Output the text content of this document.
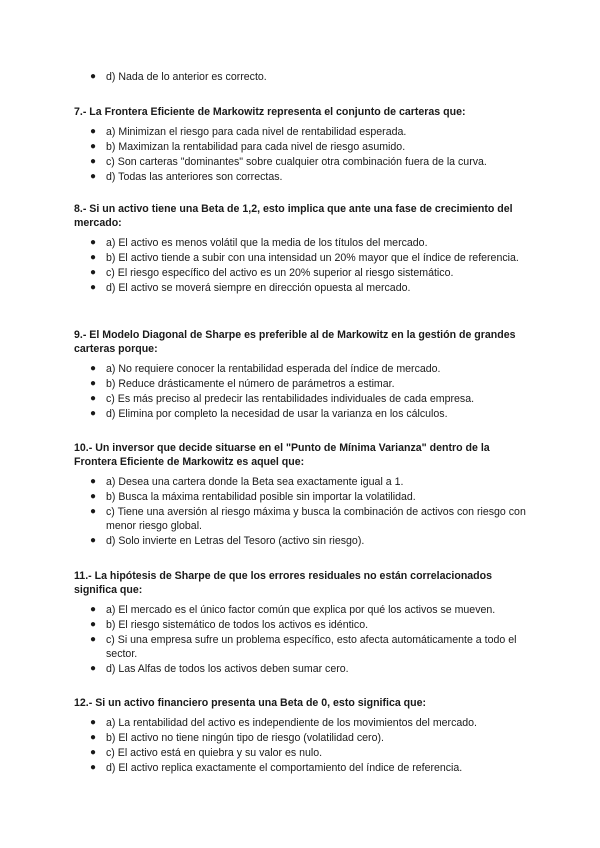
● d) Nada de lo anterior es correcto.
7.- La Frontera Eficiente de Markowitz representa el conjunto de carteras que:
● a) Minimizan el riesgo para cada nivel de rentabilidad esperada.
● b) Maximizan la rentabilidad para cada nivel de riesgo asumido.
● c) Son carteras "dominantes" sobre cualquier otra combinación fuera de la curva.
● d) Todas las anteriores son correctas.
8.- Si un activo tiene una Beta de 1,2, esto implica que ante una fase de crecimiento del mercado:
● a) El activo es menos volátil que la media de los títulos del mercado.
● b) El activo tiende a subir con una intensidad un 20% mayor que el índice de referencia.
● c) El riesgo específico del activo es un 20% superior al riesgo sistemático.
● d) El activo se moverá siempre en dirección opuesta al mercado.
9.- El Modelo Diagonal de Sharpe es preferible al de Markowitz en la gestión de grandes carteras porque:
● a) No requiere conocer la rentabilidad esperada del índice de mercado.
● b) Reduce drásticamente el número de parámetros a estimar.
● c) Es más preciso al predecir las rentabilidades individuales de cada empresa.
● d) Elimina por completo la necesidad de usar la varianza en los cálculos.
10.- Un inversor que decide situarse en el "Punto de Mínima Varianza" dentro de la Frontera Eficiente de Markowitz es aquel que:
● a) Desea una cartera donde la Beta sea exactamente igual a 1.
● b) Busca la máxima rentabilidad posible sin importar la volatilidad.
● c) Tiene una aversión al riesgo máxima y busca la combinación de activos con riesgo con menor riesgo global.
● d) Solo invierte en Letras del Tesoro (activo sin riesgo).
11.- La hipótesis de Sharpe de que los errores residuales no están correlacionados significa que:
● a) El mercado es el único factor común que explica por qué los activos se mueven.
● b) El riesgo sistemático de todos los activos es idéntico.
● c) Si una empresa sufre un problema específico, esto afecta automáticamente a todo el sector.
● d) Las Alfas de todos los activos deben sumar cero.
12.- Si un activo financiero presenta una Beta de 0, esto significa que:
● a) La rentabilidad del activo es independiente de los movimientos del mercado.
● b) El activo no tiene ningún tipo de riesgo (volatilidad cero).
● c) El activo está en quiebra y su valor es nulo.
● d) El activo replica exactamente el comportamiento del índice de referencia.
